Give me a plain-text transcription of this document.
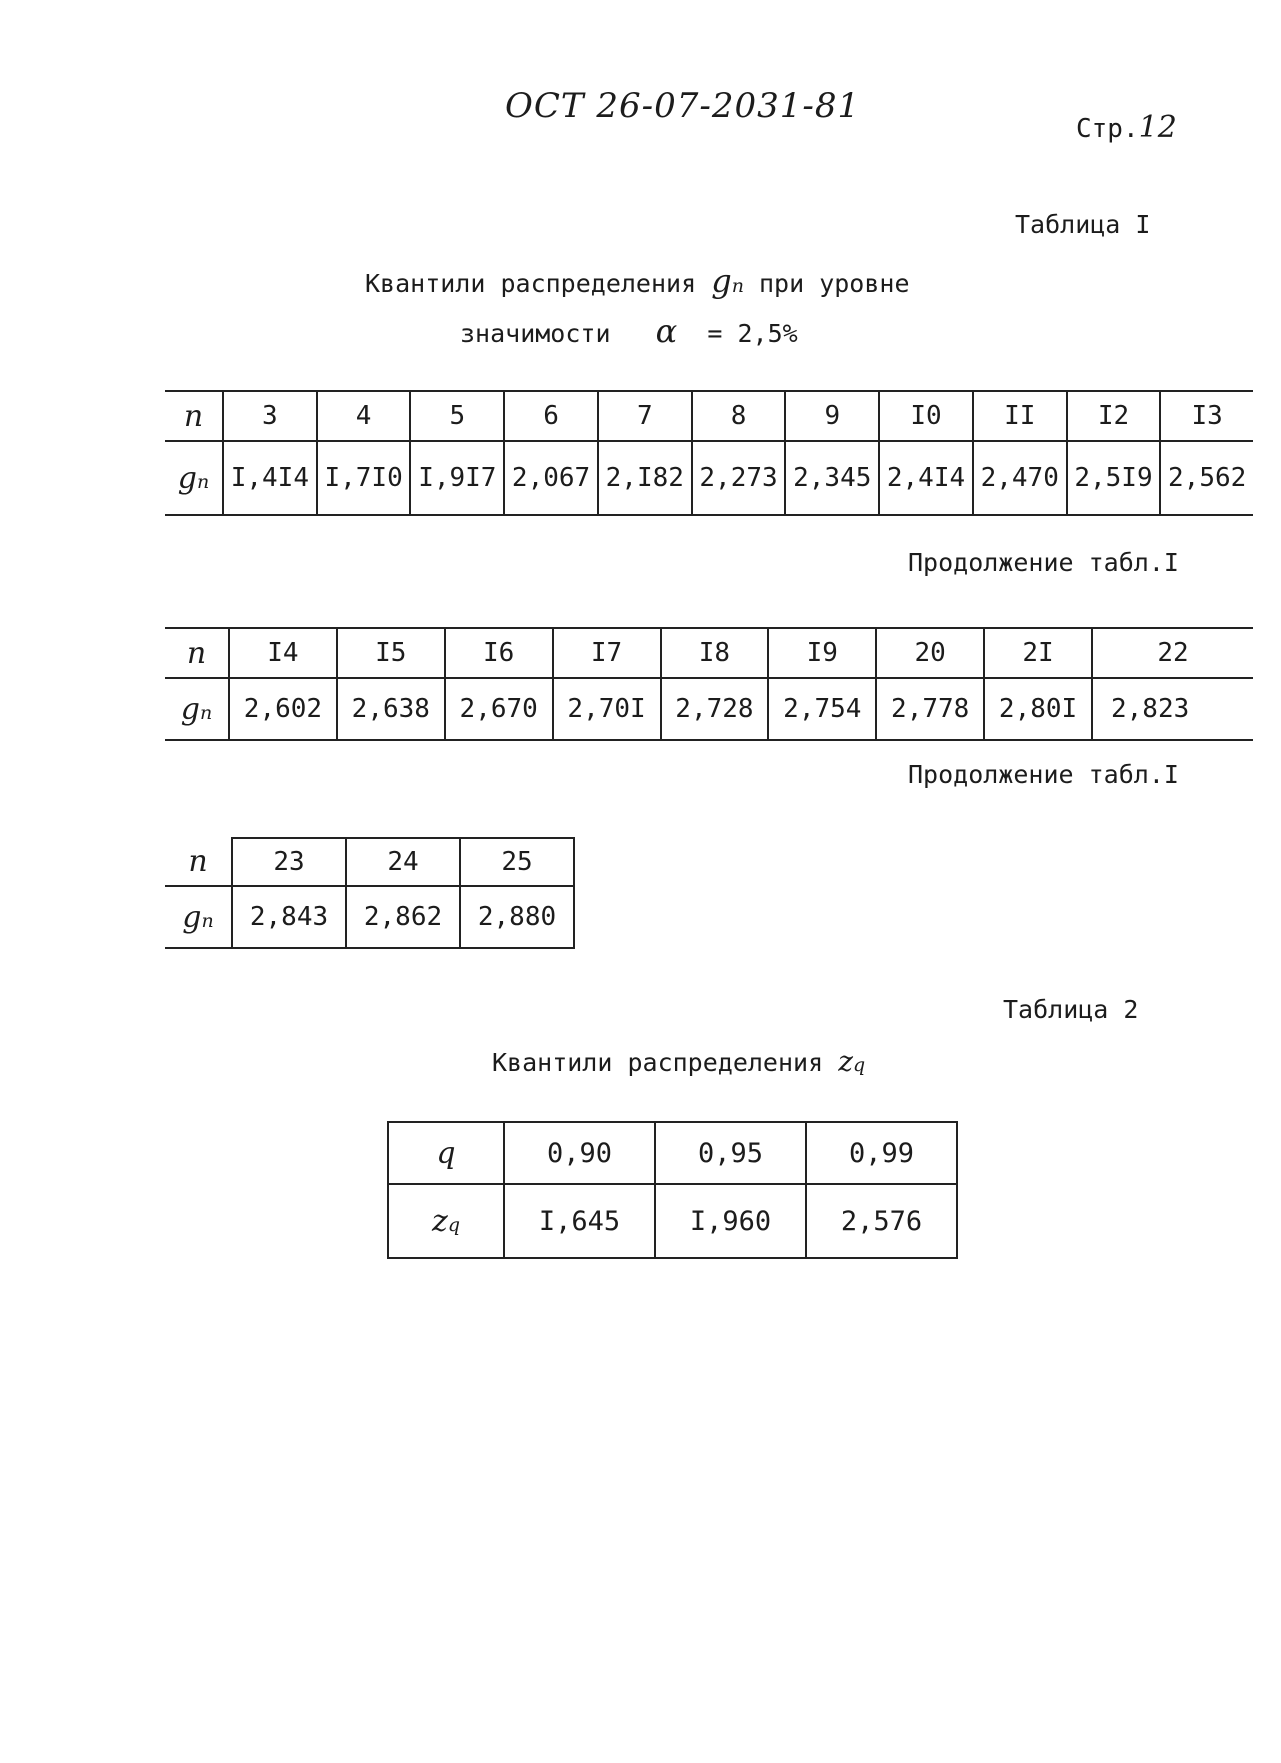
ОСТ 26-07-2031-81
Стр.12
Таблица I
Квантили распределения gn при уровне
значимости α = 2,5%
n	3	4	5	6	7	8	9	I0	II	I2	I3
gn	I,4I4	I,7I0	I,9I7	2,067	2,I82	2,273	2,345	2,4I4	2,470	2,5I9	2,562
Продолжение табл.I
n	I4	I5	I6	I7	I8	I9	20	2I	22
gn	2,602	2,638	2,670	2,70I	2,728	2,754	2,778	2,80I	2,823
Продолжение табл.I
n	23	24	25
gn	2,843	2,862	2,880
Таблица 2
Квантили распределения zq
q	0,90	0,95	0,99
zq	I,645	I,960	2,576
